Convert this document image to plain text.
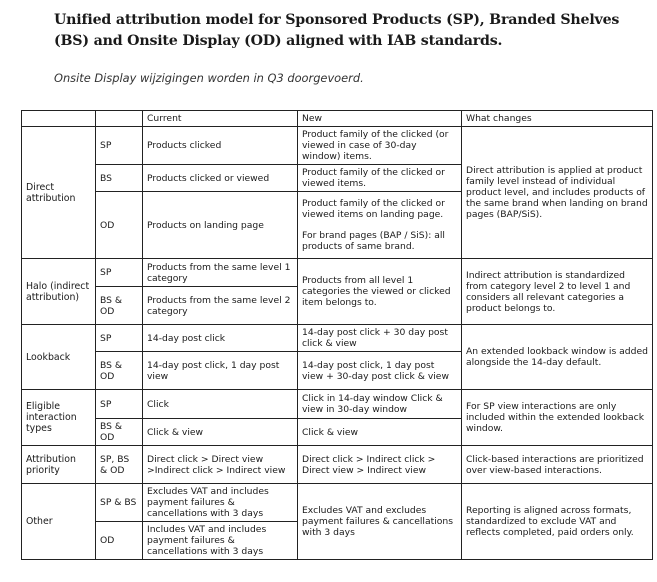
Unified attribution model for Sponsored Products (SP), Branded Shelves (BS) and Onsite Display (OD) aligned with IAB standards.
Onsite Display wijzigingen worden in Q3 doorgevoerd.
		Current	New	What changes
Direct attribution	SP	Products clicked	Product family of the clicked (or viewed in case of 30-day window) items.	Direct attribution is applied at product family level instead of individual product level, and includes products of the same brand when landing on brand pages (BAP/SiS).
	BS	Products clicked or viewed	Product family of the clicked or viewed items.	
	OD	Products on landing page	Product family of the clicked or viewed items on landing page.
For brand pages (BAP / SiS): all products of same brand.	

Halo (indirect attribution)	SP	Products from the same level 1 category	Products from all level 1 categories the viewed or clicked item belongs to.	Indirect attribution is standardized from category level 2 to level 1 and considers all relevant categories a product belongs to.
	BS & OD	Products from the same level 2 category		
Lookback	SP	14-day post click	14-day post click + 30 day post click & view	An extended lookback window is added alongside the 14-day default.
	BS & OD	14-day post click, 1 day post view	14-day post click, 1 day post view + 30-day post click & view	
Eligible interaction types	SP	Click	Click in 14-day window Click & view in 30-day window	For SP view interactions are only included within the extended lookback window.
	BS & OD	Click & view	Click & view	
Attribution priority	SP, BS & OD	Direct click > Direct view >Indirect click > Indirect view	Direct click > Indirect click > Direct view > Indirect view	Click-based interactions are prioritized over view-based interactions.
Other	SP & BS	Excludes VAT and includes payment failures & cancellations with 3 days	Excludes VAT and excludes payment failures & cancellations with 3 days	Reporting is aligned across formats, standardized to exclude VAT and reflects completed, paid orders only.
	OD	Includes VAT and includes payment failures & cancellations with 3 days		
